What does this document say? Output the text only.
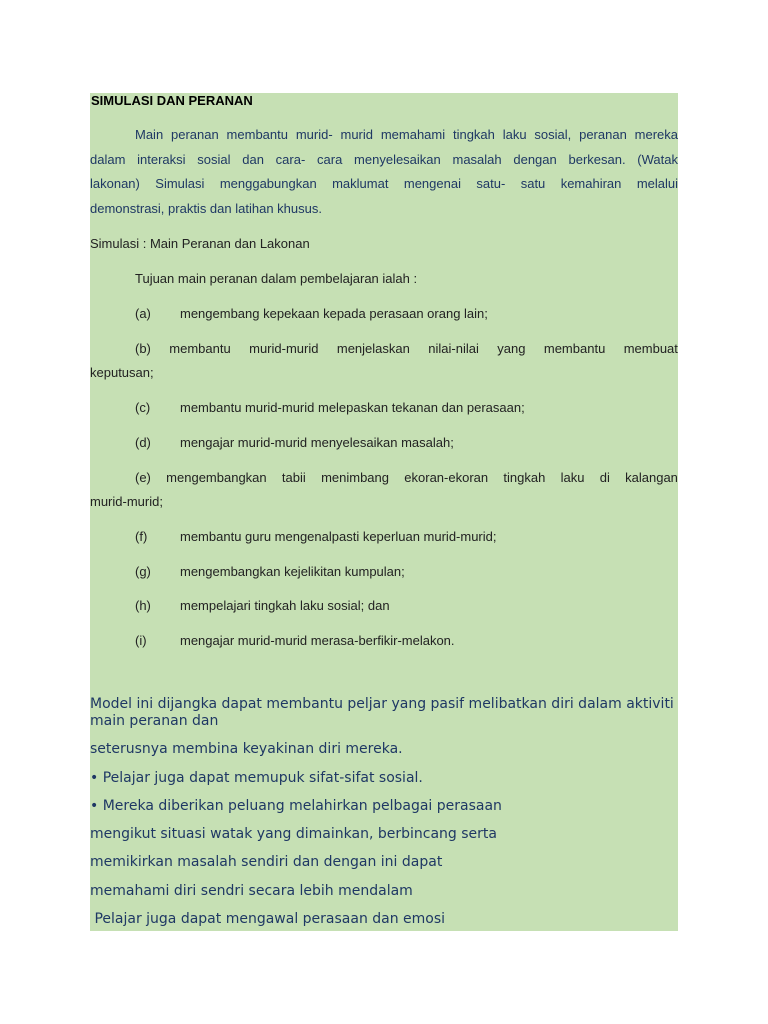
SIMULASI DAN PERANAN

Main peranan membantu murid- murid memahami tingkah laku sosial, peranan mereka
dalam interaksi sosial dan cara- cara menyelesaikan masalah dengan berkesan. (Watak
lakonan) Simulasi menggabungkan maklumat mengenai satu- satu kemahiran melalui
demonstrasi, praktis dan latihan khusus.

Simulasi : Main Peranan dan Lakonan

Tujuan main peranan dalam pembelajaran ialah :

(a) mengembang kepekaan kepada perasaan orang lain;
(b) membantu murid-murid menjelaskan nilai-nilai yang membantu membuat
keputusan;
(c) membantu murid-murid melepaskan tekanan dan perasaan;
(d) mengajar murid-murid menyelesaikan masalah;
(e) mengembangkan tabii menimbang ekoran-ekoran tingkah laku di kalangan
murid-murid;
(f)	membantu guru mengenalpasti keperluan murid-murid;
(g) mengembangkan kejelikitan kumpulan;
(h) mempelajari tingkah laku sosial; dan
(i)	mengajar murid-murid merasa-berfikir-melakon.

Model ini dijangka dapat membantu peljar yang pasif melibatkan diri dalam aktiviti
main peranan dan

seterusnya membina keyakinan diri mereka.

• Pelajar juga dapat memupuk sifat-sifat sosial.

• Mereka diberikan peluang melahirkan pelbagai perasaan

mengikut situasi watak yang dimainkan, berbincang serta

memikirkan masalah sendiri dan dengan ini dapat

memahami diri sendri secara lebih mendalam

Pelajar juga dapat mengawal perasaan dan emosi
